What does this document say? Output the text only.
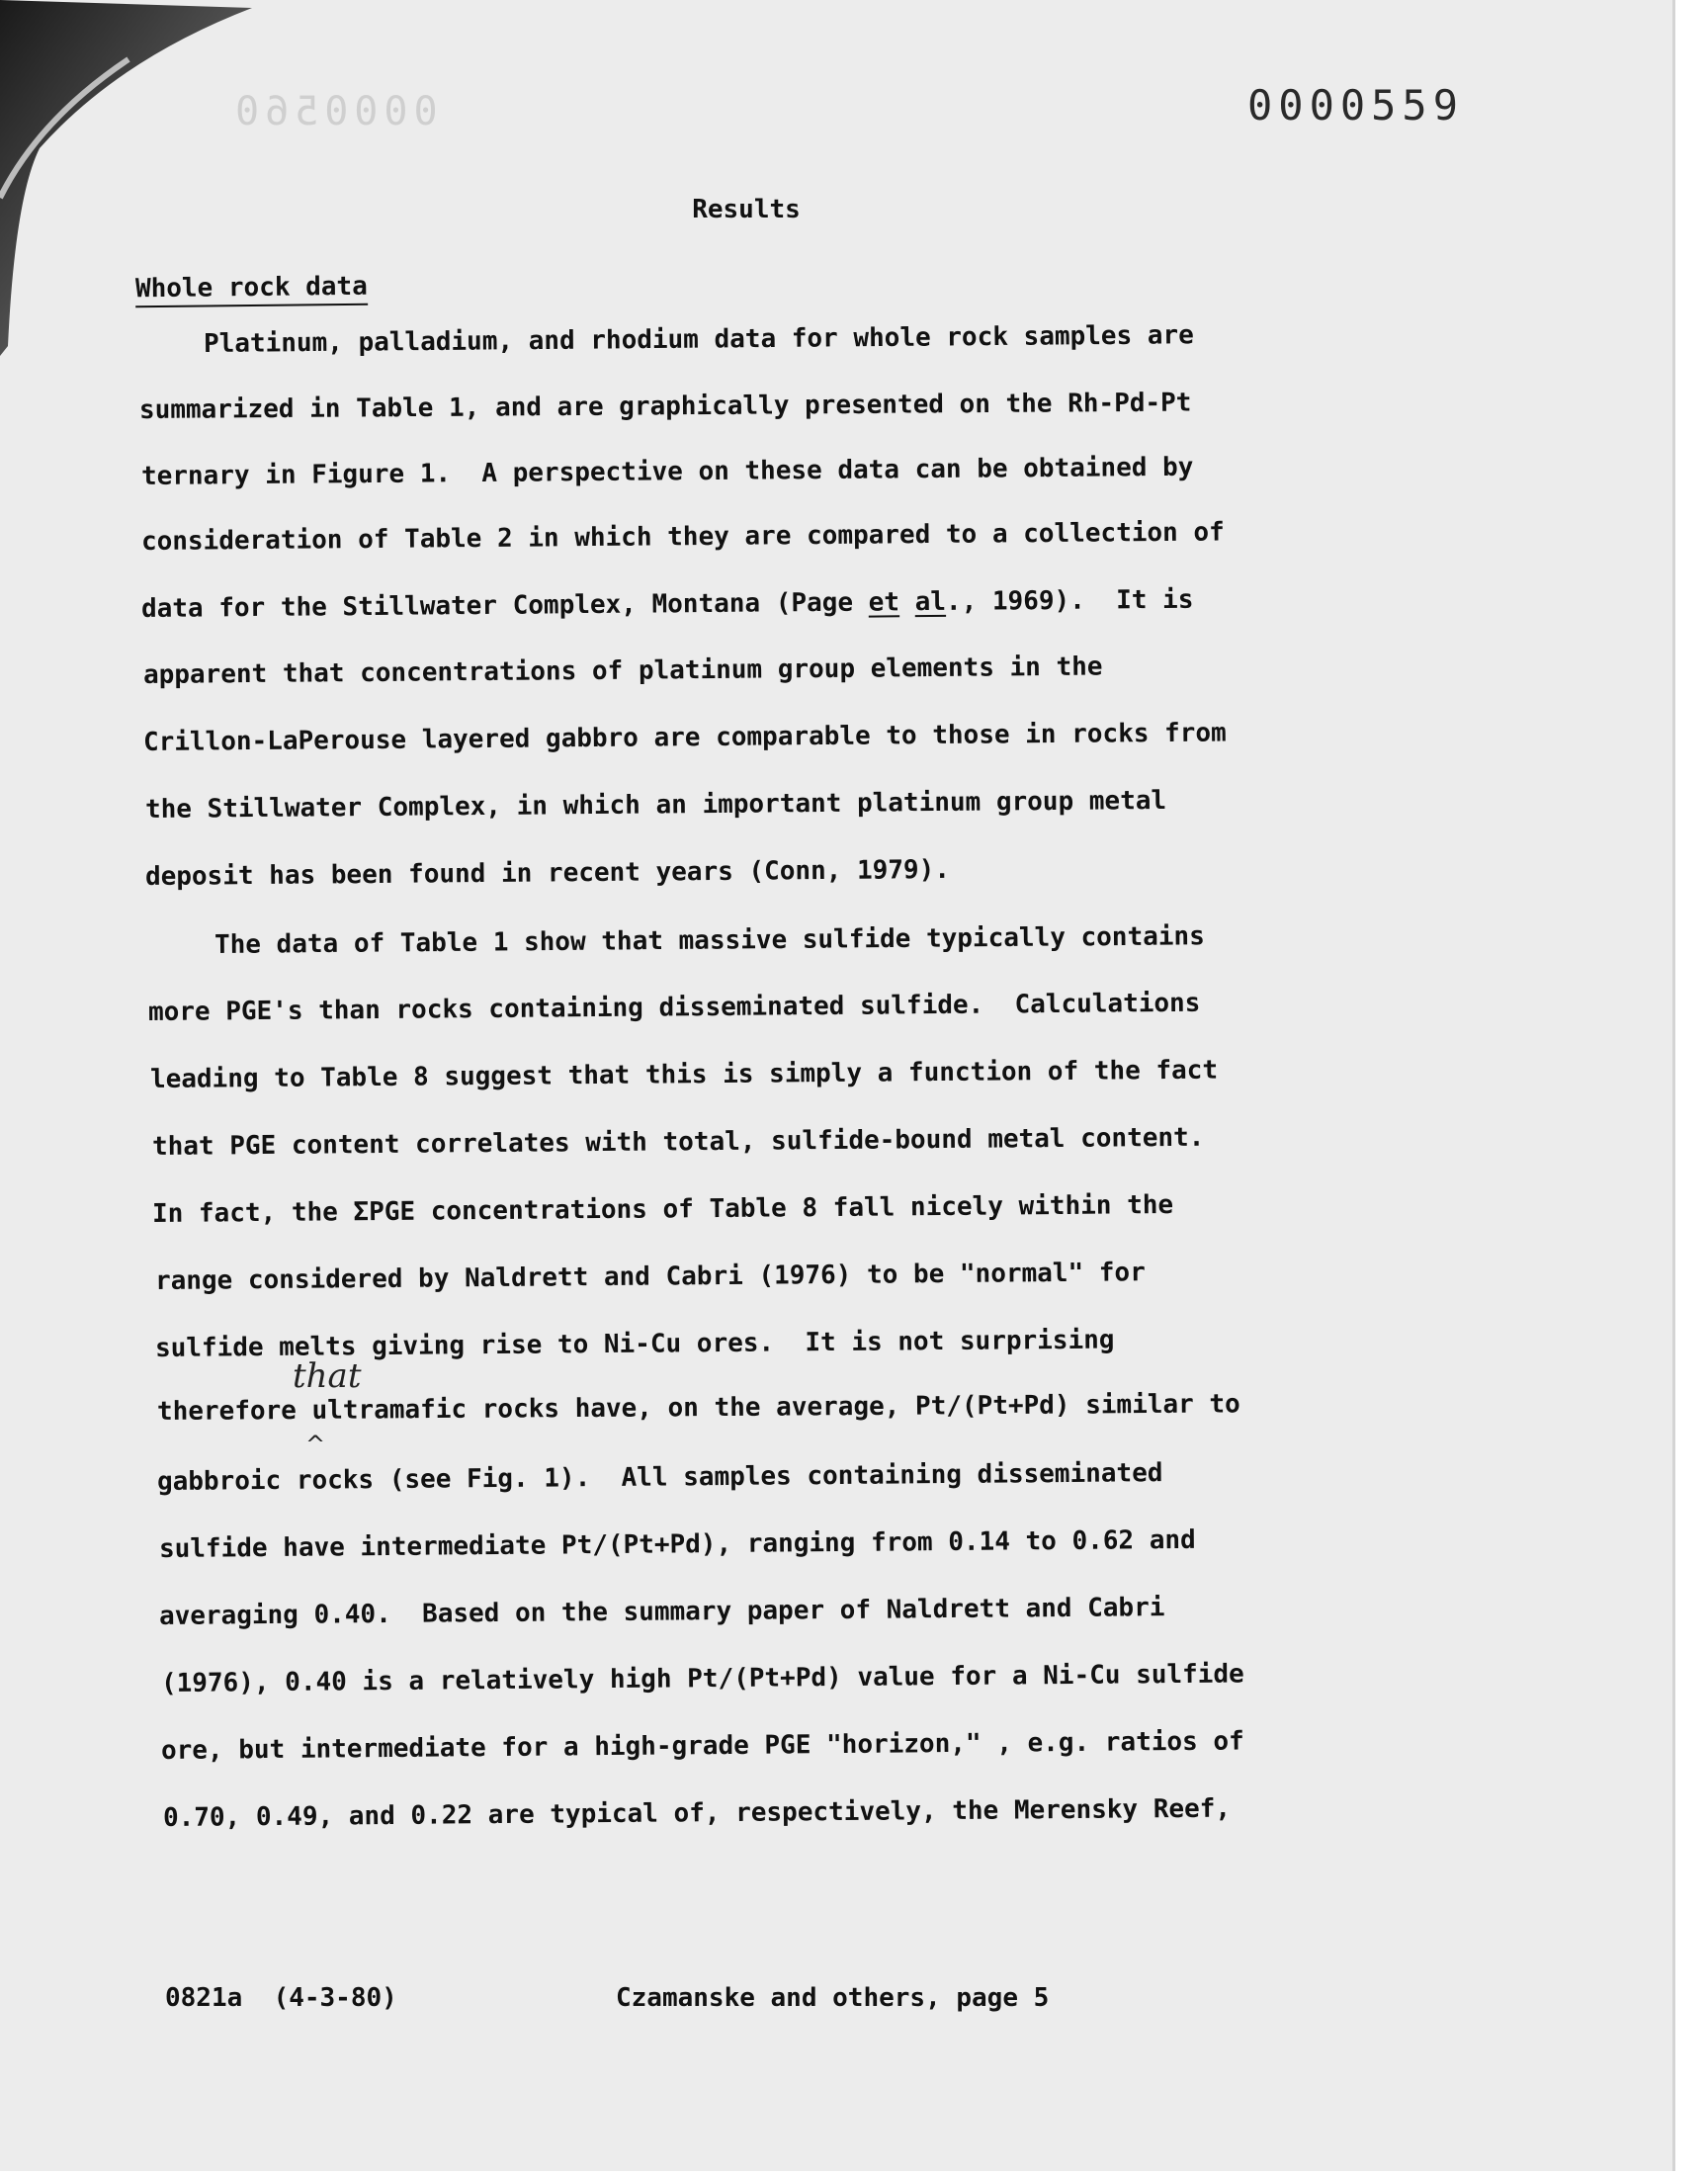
0000560	0000559
Results
Whole rock data
Platinum, palladium, and rhodium data for whole rock samples are
summarized in Table 1, and are graphically presented on the Rh-Pd-Pt
ternary in Figure 1.  A perspective on these data can be obtained by
consideration of Table 2 in which they are compared to a collection of
data for the Stillwater Complex, Montana (Page et al., 1969).  It is
apparent that concentrations of platinum group elements in the
Crillon-LaPerouse layered gabbro are comparable to those in rocks from
the Stillwater Complex, in which an important platinum group metal
deposit has been found in recent years (Conn, 1979).
The data of Table 1 show that massive sulfide typically contains
more PGE's than rocks containing disseminated sulfide.  Calculations
leading to Table 8 suggest that this is simply a function of the fact
that PGE content correlates with total, sulfide-bound metal content.
In fact, the ΣPGE concentrations of Table 8 fall nicely within the
range considered by Naldrett and Cabri (1976) to be "normal" for
sulfide melts giving rise to Ni-Cu ores.  It is not surprising
therefore ultramafic rocks have, on the average, Pt/(Pt+Pd) similar to
gabbroic rocks (see Fig. 1).  All samples containing disseminated
sulfide have intermediate Pt/(Pt+Pd), ranging from 0.14 to 0.62 and
averaging 0.40.  Based on the summary paper of Naldrett and Cabri
(1976), 0.40 is a relatively high Pt/(Pt+Pd) value for a Ni-Cu sulfide
ore, but intermediate for a high-grade PGE "horizon," , e.g. ratios of
0.70, 0.49, and 0.22 are typical of, respectively, the Merensky Reef,
that
^
0821a  (4-3-80)	Czamanske and others, page 5
